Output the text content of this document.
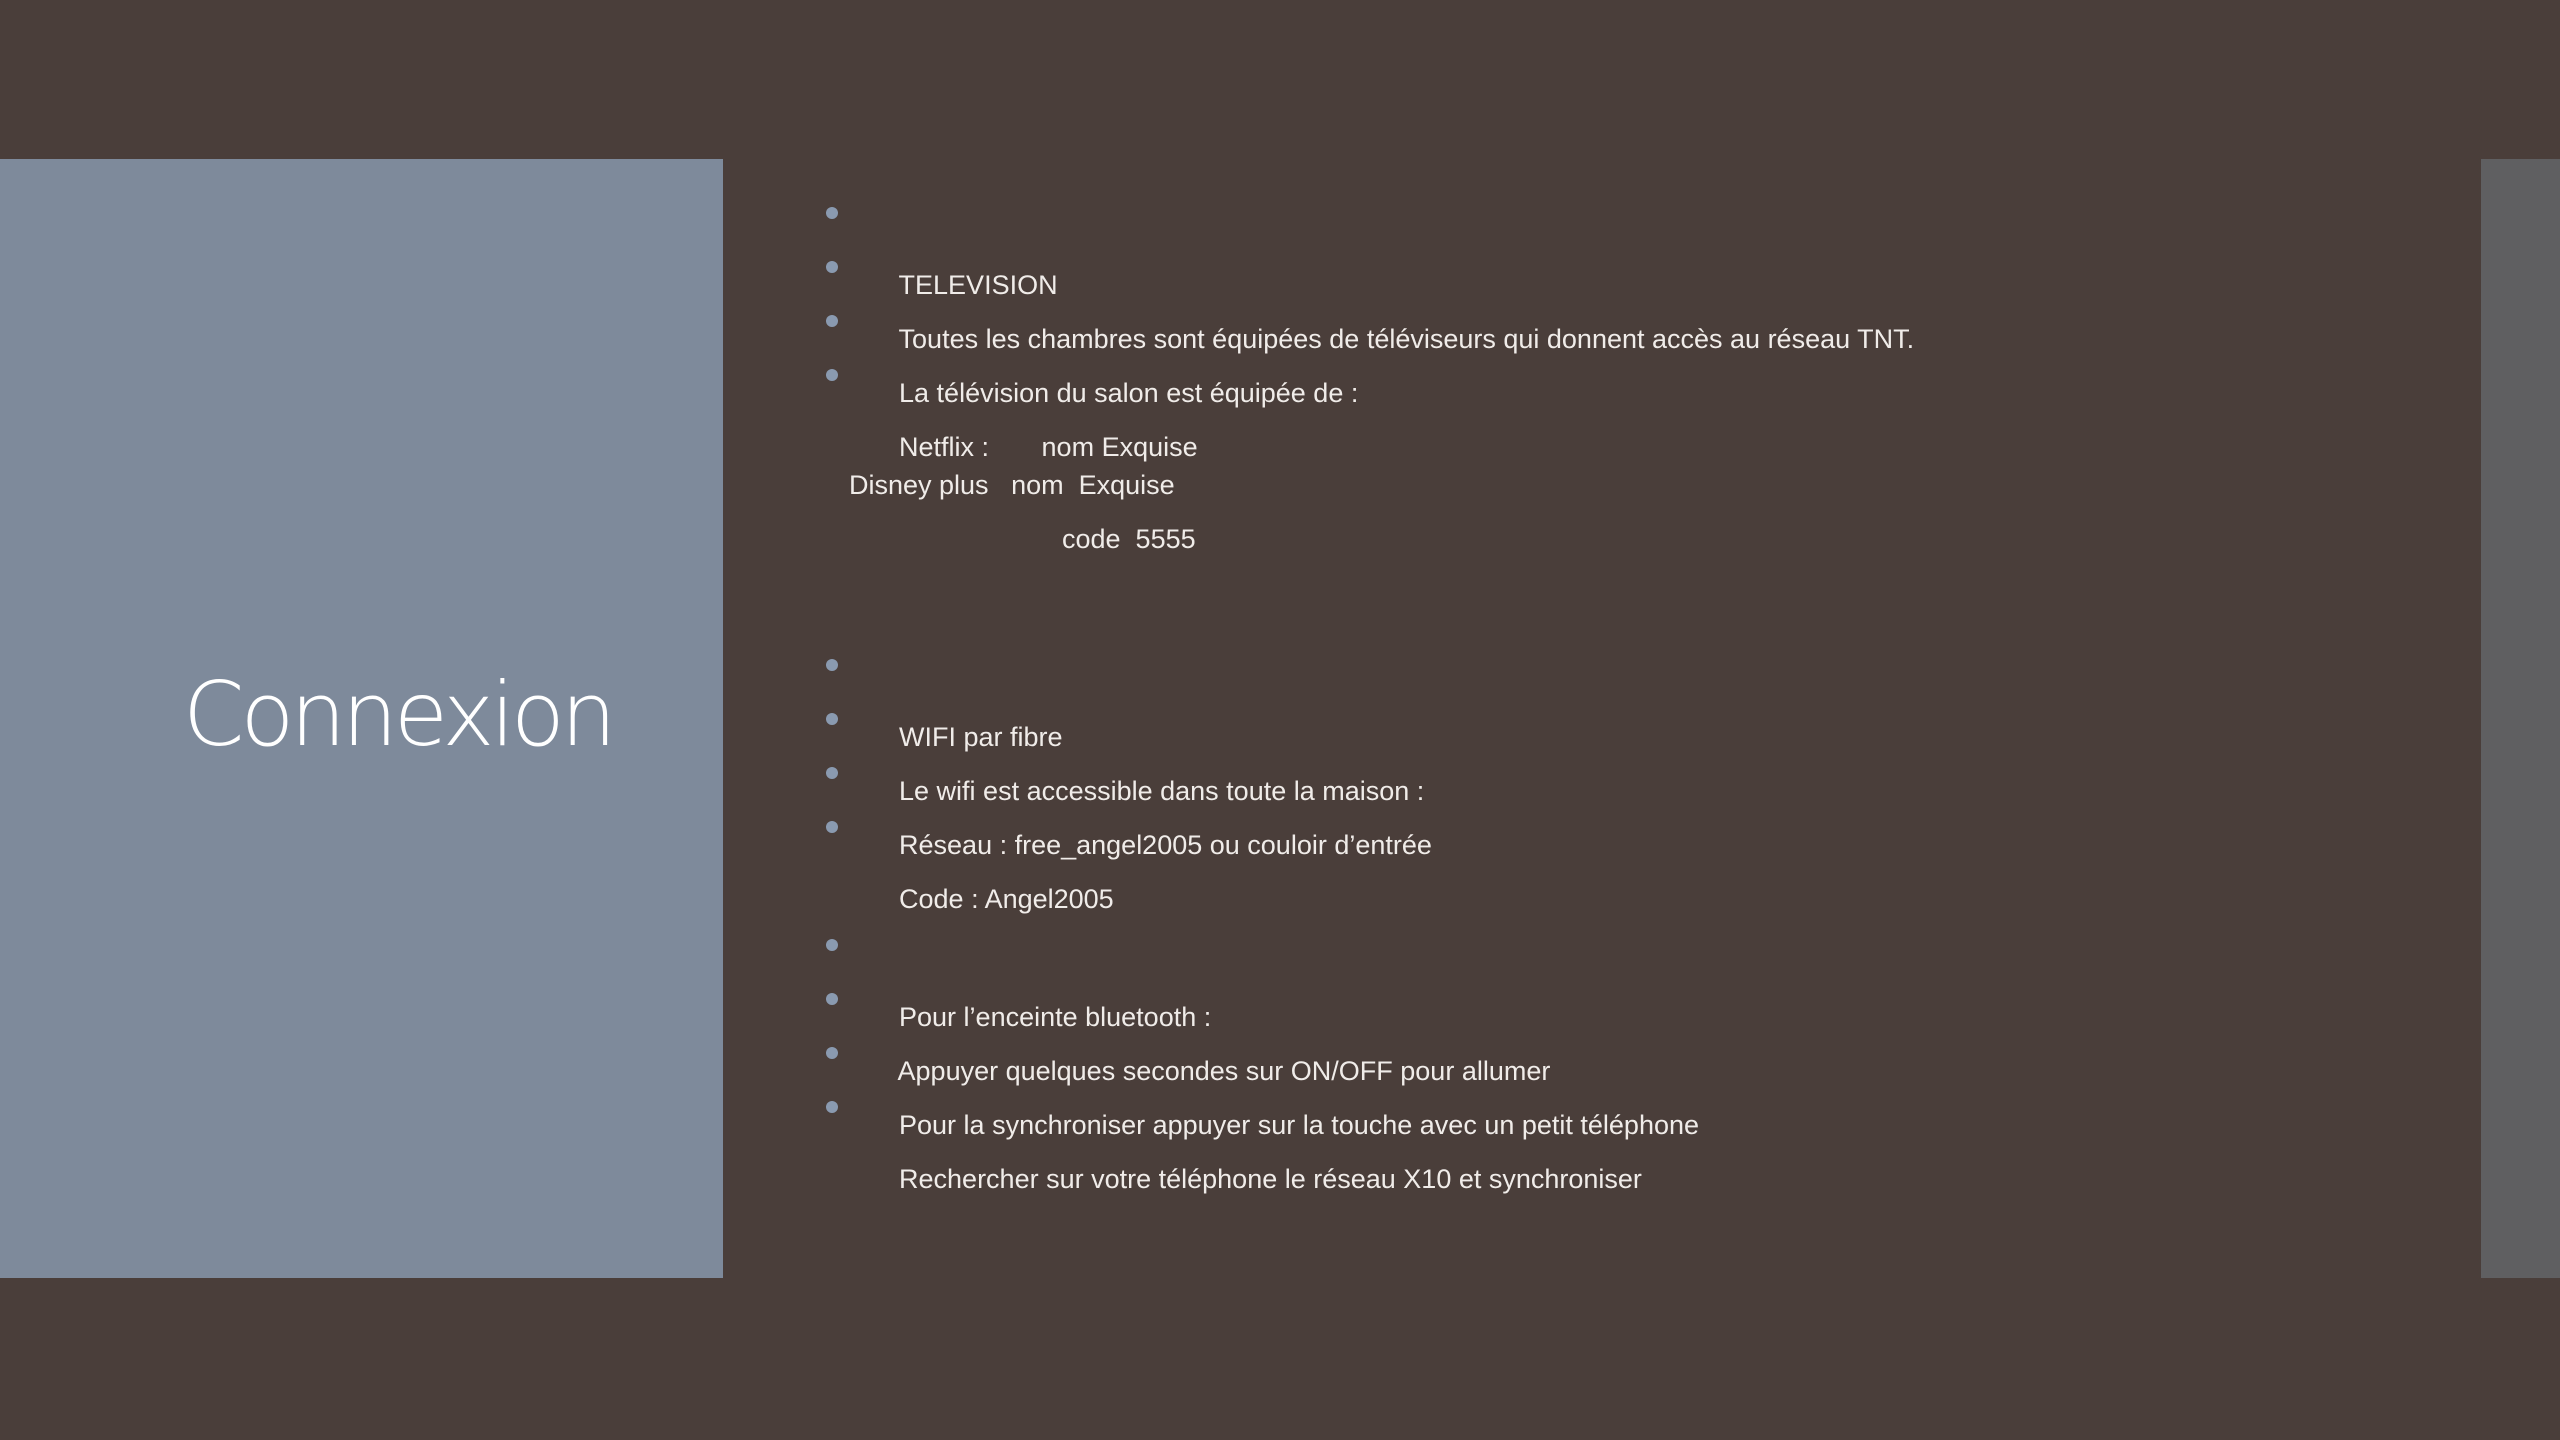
Connexion

TELEVISION

Toutes les chambres sont équipées de téléviseurs qui donnent accès au réseau TNT.

La télévision du salon est équipée de :

Netflix :       nom Exquise

Disney plus   nom  Exquise
code  5555

WIFI par fibre

Le wifi est accessible dans toute la maison :

Réseau : free_angel2005 ou couloir d’entrée

Code : Angel2005

Pour l’enceinte bluetooth :

Appuyer quelques secondes sur ON/OFF pour allumer

Pour la synchroniser appuyer sur la touche avec un petit téléphone

Rechercher sur votre téléphone le réseau X10 et synchroniser
